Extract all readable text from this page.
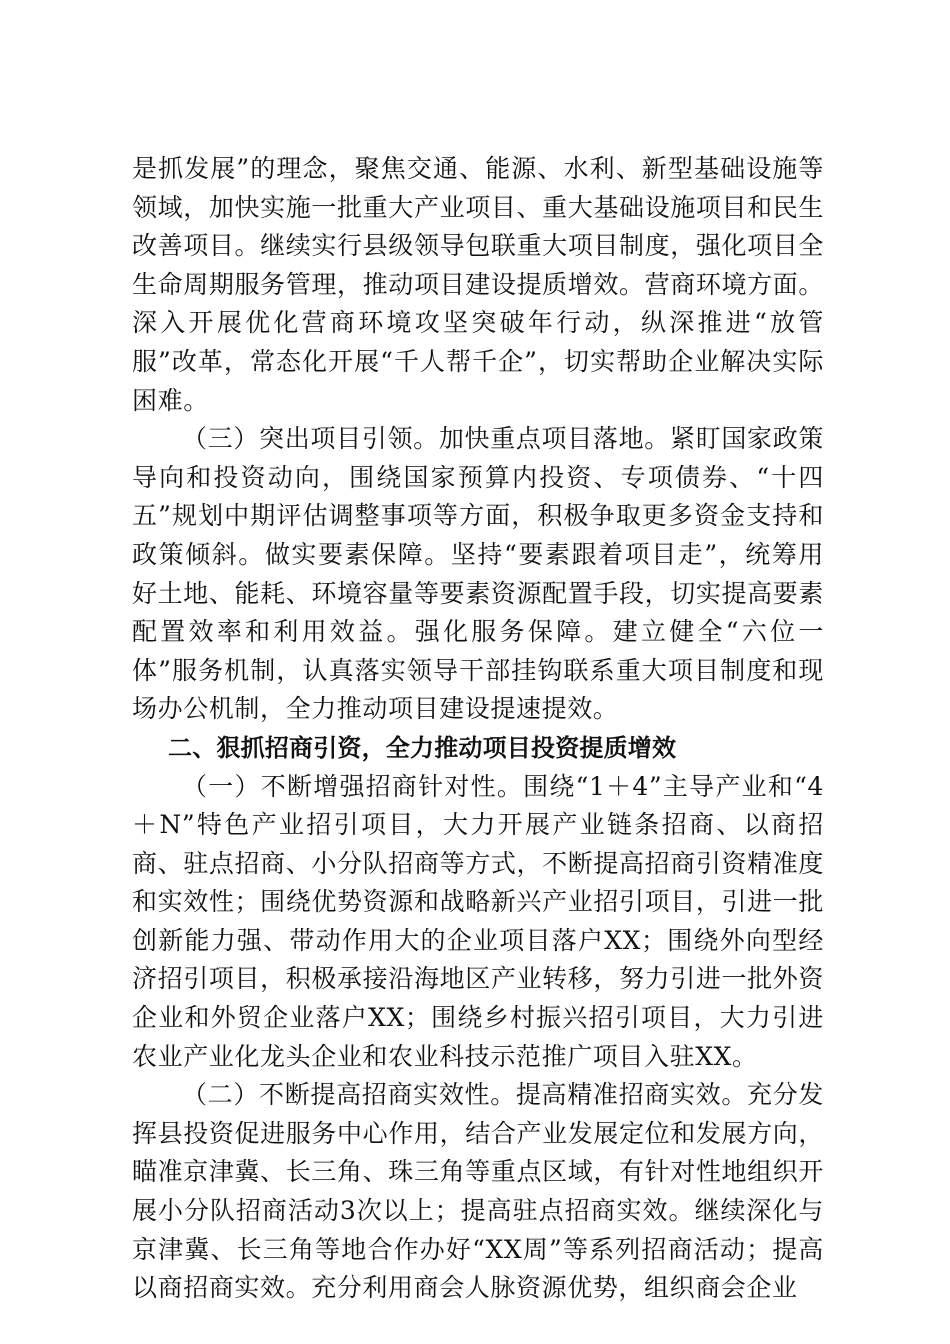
是抓发展”的理念，聚焦交通、能源、水利、新型基础设施等领域，加快实施一批重大产业项目、重大基础设施项目和民生改善项目。继续实行县级领导包联重大项目制度，强化项目全生命周期服务管理，推动项目建设提质增效。营商环境方面。深入开展优化营商环境攻坚突破年行动，纵深推进“放管服”改革，常态化开展“千人帮千企”，切实帮助企业解决实际困难。

（三）突出项目引领。加快重点项目落地。紧盯国家政策导向和投资动向，围绕国家预算内投资、专项债券、“十四五”规划中期评估调整事项等方面，积极争取更多资金支持和政策倾斜。做实要素保障。坚持“要素跟着项目走”，统筹用好土地、能耗、环境容量等要素资源配置手段，切实提高要素配置效率和利用效益。强化服务保障。建立健全“六位一体”服务机制，认真落实领导干部挂钩联系重大项目制度和现场办公机制，全力推动项目建设提速提效。

二、狠抓招商引资，全力推动项目投资提质增效

（一）不断增强招商针对性。围绕“1＋4”主导产业和“4＋N”特色产业招引项目，大力开展产业链条招商、以商招商、驻点招商、小分队招商等方式，不断提高招商引资精准度和实效性；围绕优势资源和战略新兴产业招引项目，引进一批创新能力强、带动作用大的企业项目落户XX；围绕外向型经济招引项目，积极承接沿海地区产业转移，努力引进一批外资企业和外贸企业落户XX；围绕乡村振兴招引项目，大力引进农业产业化龙头企业和农业科技示范推广项目入驻XX。

（二）不断提高招商实效性。提高精准招商实效。充分发挥县投资促进服务中心作用，结合产业发展定位和发展方向，瞄准京津冀、长三角、珠三角等重点区域，有针对性地组织开展小分队招商活动3次以上；提高驻点招商实效。继续深化与京津冀、长三角等地合作办好“XX周”等系列招商活动；提高以商招商实效。充分利用商会人脉资源优势，组织商会企业
